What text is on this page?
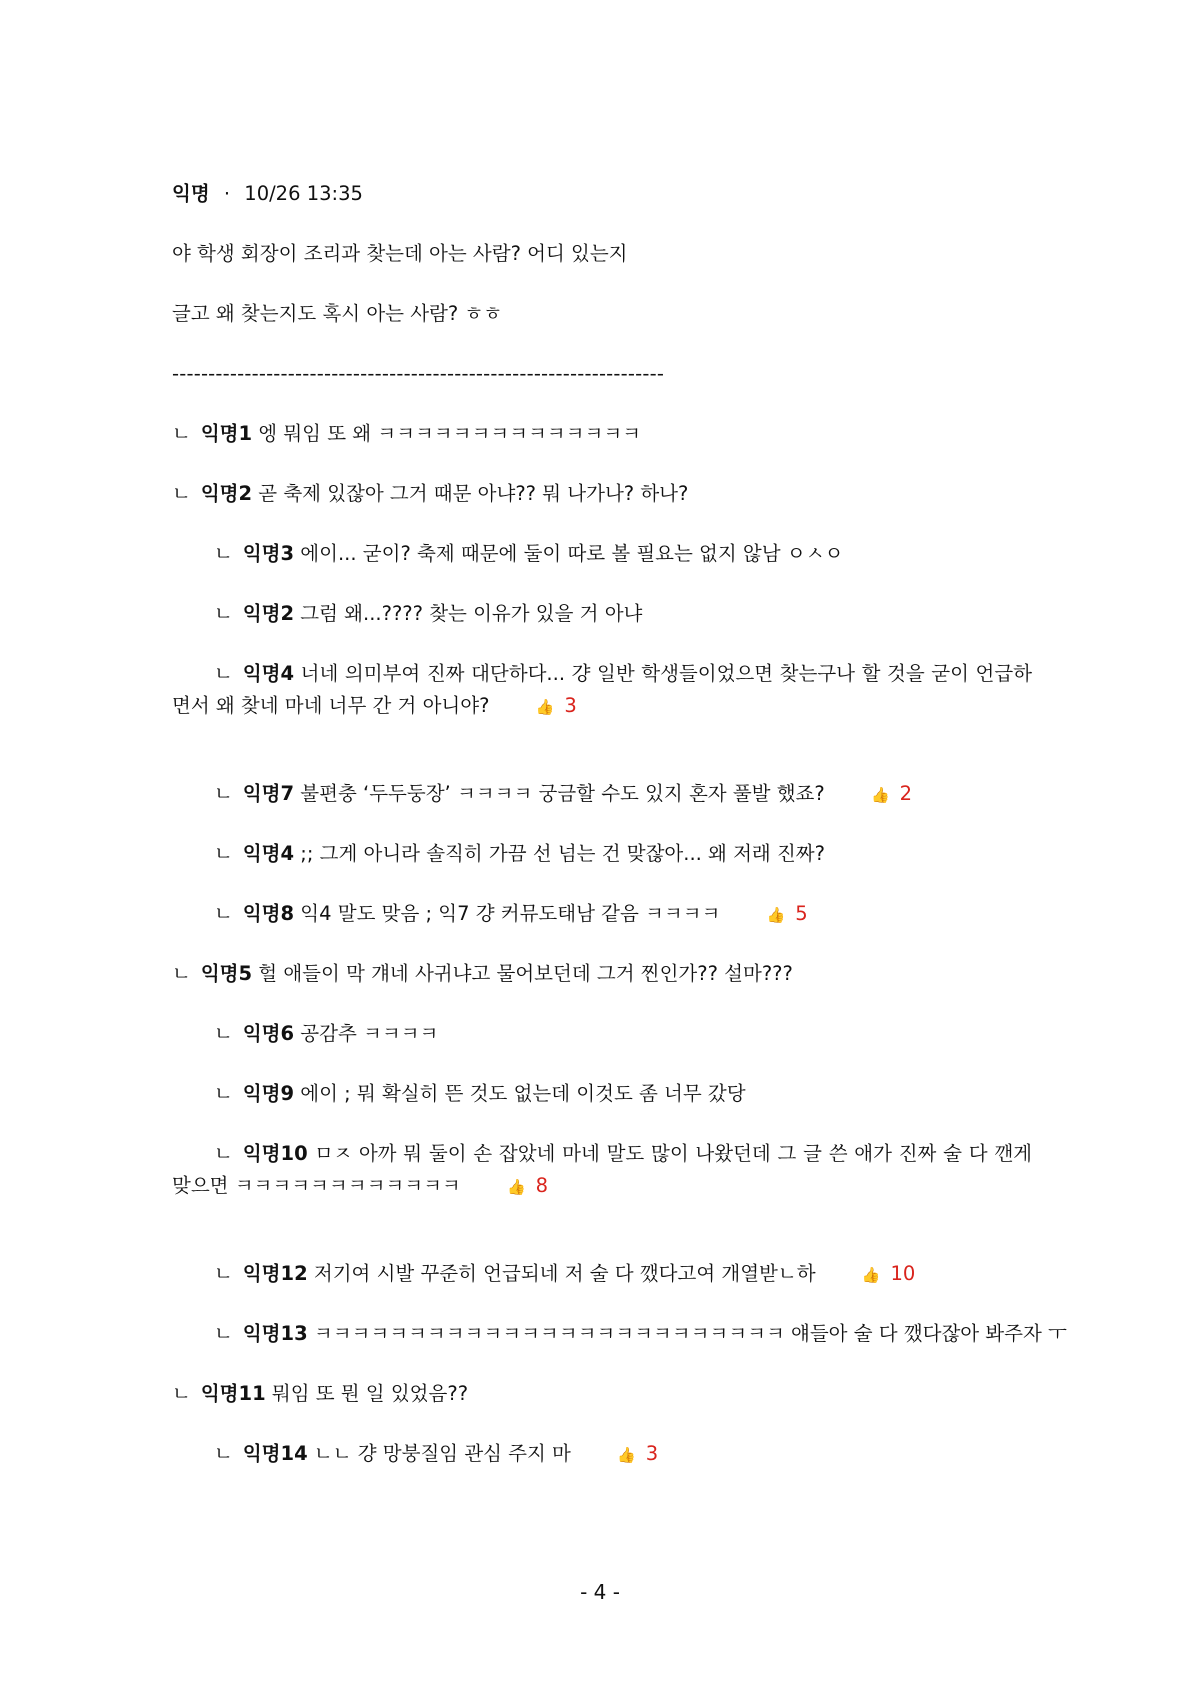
익명 · 10/26 13:35
야 학생 회장이 조리과 찾는데 아는 사람? 어디 있는지
글고 왜 찾는지도 혹시 아는 사람? ㅎㅎ
--------------------------------------------------------------------
ㄴ 익명1 엥 뭐임 또 왜 ㅋㅋㅋㅋㅋㅋㅋㅋㅋㅋㅋㅋㅋㅋ
ㄴ 익명2 곧 축제 있잖아 그거 때문 아냐?? 뭐 나가나? 하나?
ㄴ 익명3 에이... 굳이? 축제 때문에 둘이 따로 볼 필요는 없지 않남 ㅇㅅㅇ
ㄴ 익명2 그럼 왜...???? 찾는 이유가 있을 거 아냐
ㄴ 익명4 너네 의미부여 진짜 대단하다... 걍 일반 학생들이었으면 찾는구나 할 것을 굳이 언급하면서 왜 찾네 마네 너무 간 거 아니야?	👍 3
ㄴ 익명7 불편충 ‘두두둥장’ ㅋㅋㅋㅋ 궁금할 수도 있지 혼자 풀발 했죠?	👍 2
ㄴ 익명4 ;; 그게 아니라 솔직히 가끔 선 넘는 건 맞잖아... 왜 저래 진짜?
ㄴ 익명8 익4 말도 맞음 ; 익7 걍 커뮤도태남 같음 ㅋㅋㅋㅋ	👍 5
ㄴ 익명5 헐 애들이 막 걔네 사귀냐고 물어보던데 그거 찐인가?? 설마???
ㄴ 익명6 공감추 ㅋㅋㅋㅋ
ㄴ 익명9 에이 ; 뭐 확실히 뜬 것도 없는데 이것도 좀 너무 갔당
ㄴ 익명10 ㅁㅈ 아까 뭐 둘이 손 잡았네 마네 말도 많이 나왔던데 그 글 쓴 애가 진짜 술 다 깬게 맞으면 ㅋㅋㅋㅋㅋㅋㅋㅋㅋㅋㅋㅋ	👍 8
ㄴ 익명12 저기여 시발 꾸준히 언급되네 저 술 다 깼다고여 개열받ㄴ하	👍 10
ㄴ 익명13 ㅋㅋㅋㅋㅋㅋㅋㅋㅋㅋㅋㅋㅋㅋㅋㅋㅋㅋㅋㅋㅋㅋㅋㅋㅋ 얘들아 술 다 깼다잖아 봐주자 ㅜ
ㄴ 익명11 뭐임 또 뭔 일 있었음??
ㄴ 익명14 ㄴㄴ 걍 망붕질임 관심 주지 마	👍 3
- 4 -
